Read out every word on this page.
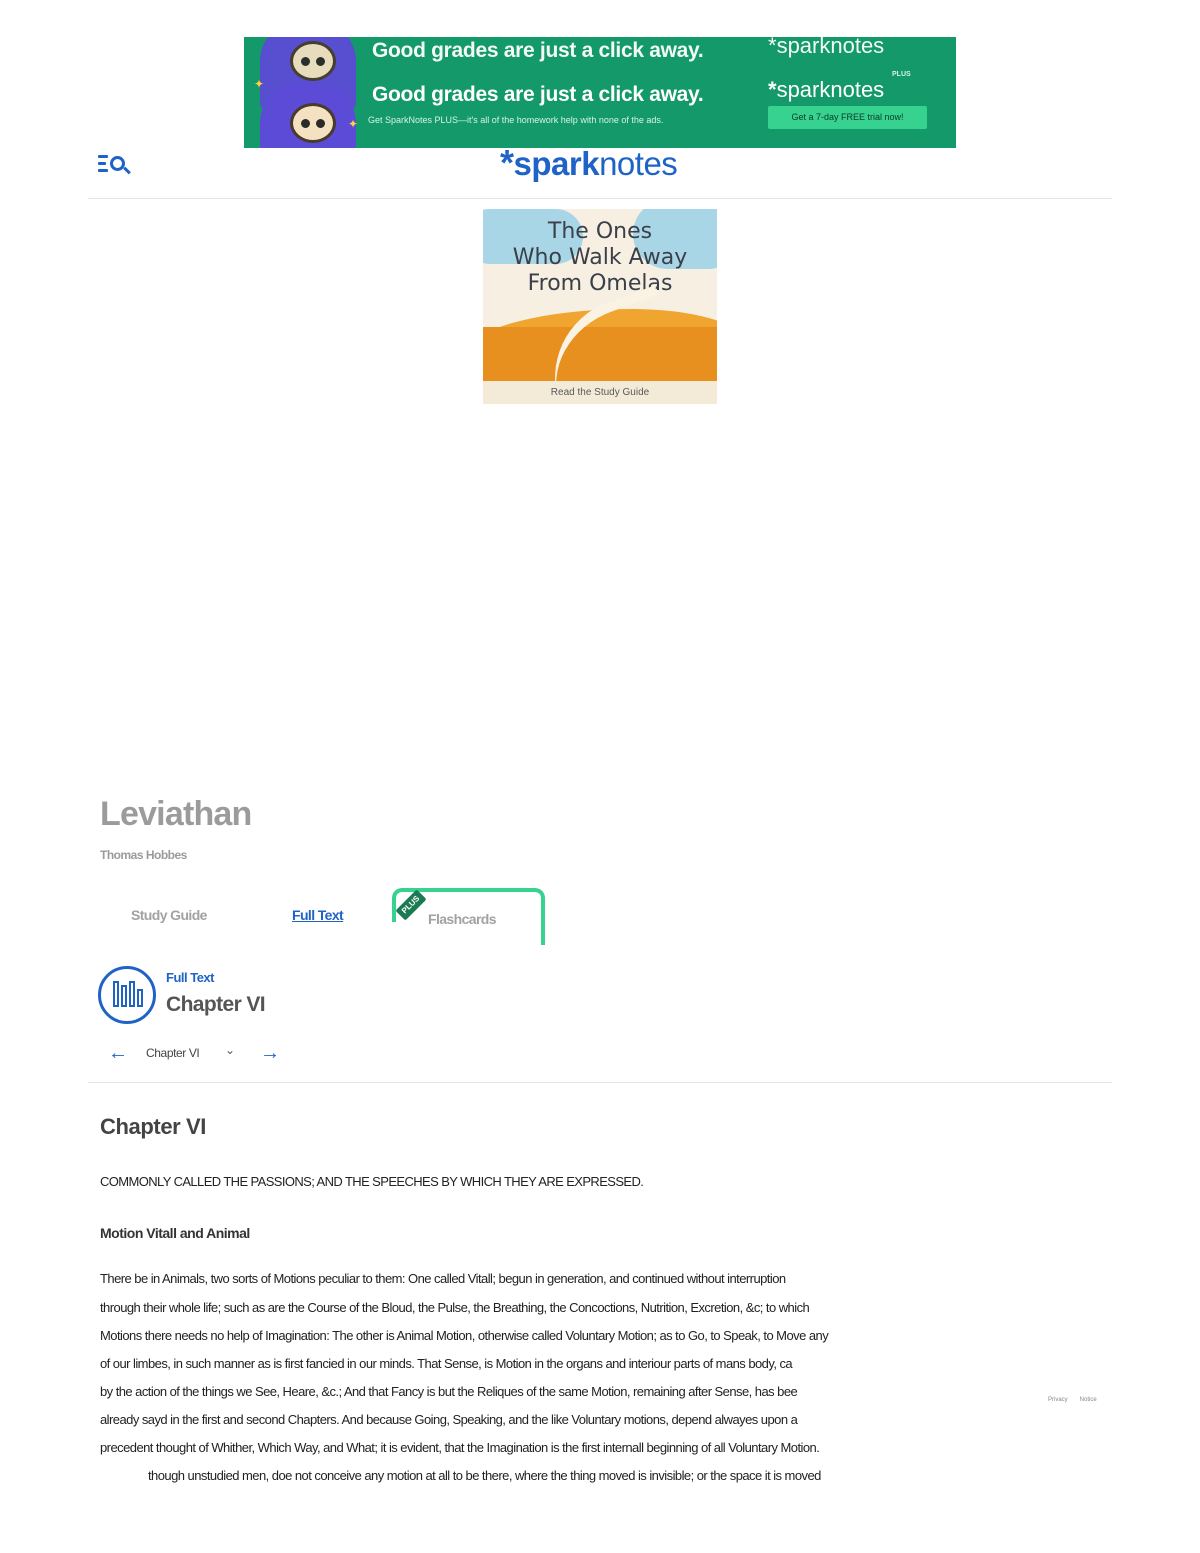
Good grades are just a click away.	*sparknotes
✦
✦
Good grades are just a click away.
Get SparkNotes PLUS—it's all of the homework help with none of the ads.
*sparknotes
PLUS
Get a 7-day FREE trial now!
*sparknotes
The Ones
Who Walk Away
From Omelas
Read the Study Guide
Leviathan
Thomas Hobbes
Study Guide	Full Text	PLUS
Flashcards
Full Text
Chapter VI
← Chapter VI ⌄ →
Chapter VI
COMMONLY CALLED THE PASSIONS; AND THE SPEECHES BY WHICH THEY ARE EXPRESSED.
Motion Vitall and Animal
There be in Animals, two sorts of Motions peculiar to them: One called Vitall; begun in generation, and continued without interruption
through their whole life; such as are the Course of the Bloud, the Pulse, the Breathing, the Concoctions, Nutrition, Excretion, &c; to which
Motions there needs no help of Imagination: The other is Animal Motion, otherwise called Voluntary Motion; as to Go, to Speak, to Move any
of our limbes, in such manner as is first fancied in our minds. That Sense, is Motion in the organs and interiour parts of mans body, ca
by the action of the things we See, Heare, &c.; And that Fancy is but the Reliques of the same Motion, remaining after Sense, has bee
already sayd in the first and second Chapters. And because Going, Speaking, and the like Voluntary motions, depend alwayes upon a
precedent thought of Whither, Which Way, and What; it is evident, that the Imagination is the first internall beginning of all Voluntary Motion.
though unstudied men, doe not conceive any motion at all to be there, where the thing moved is invisible; or the space it is moved
Privacy Notice
